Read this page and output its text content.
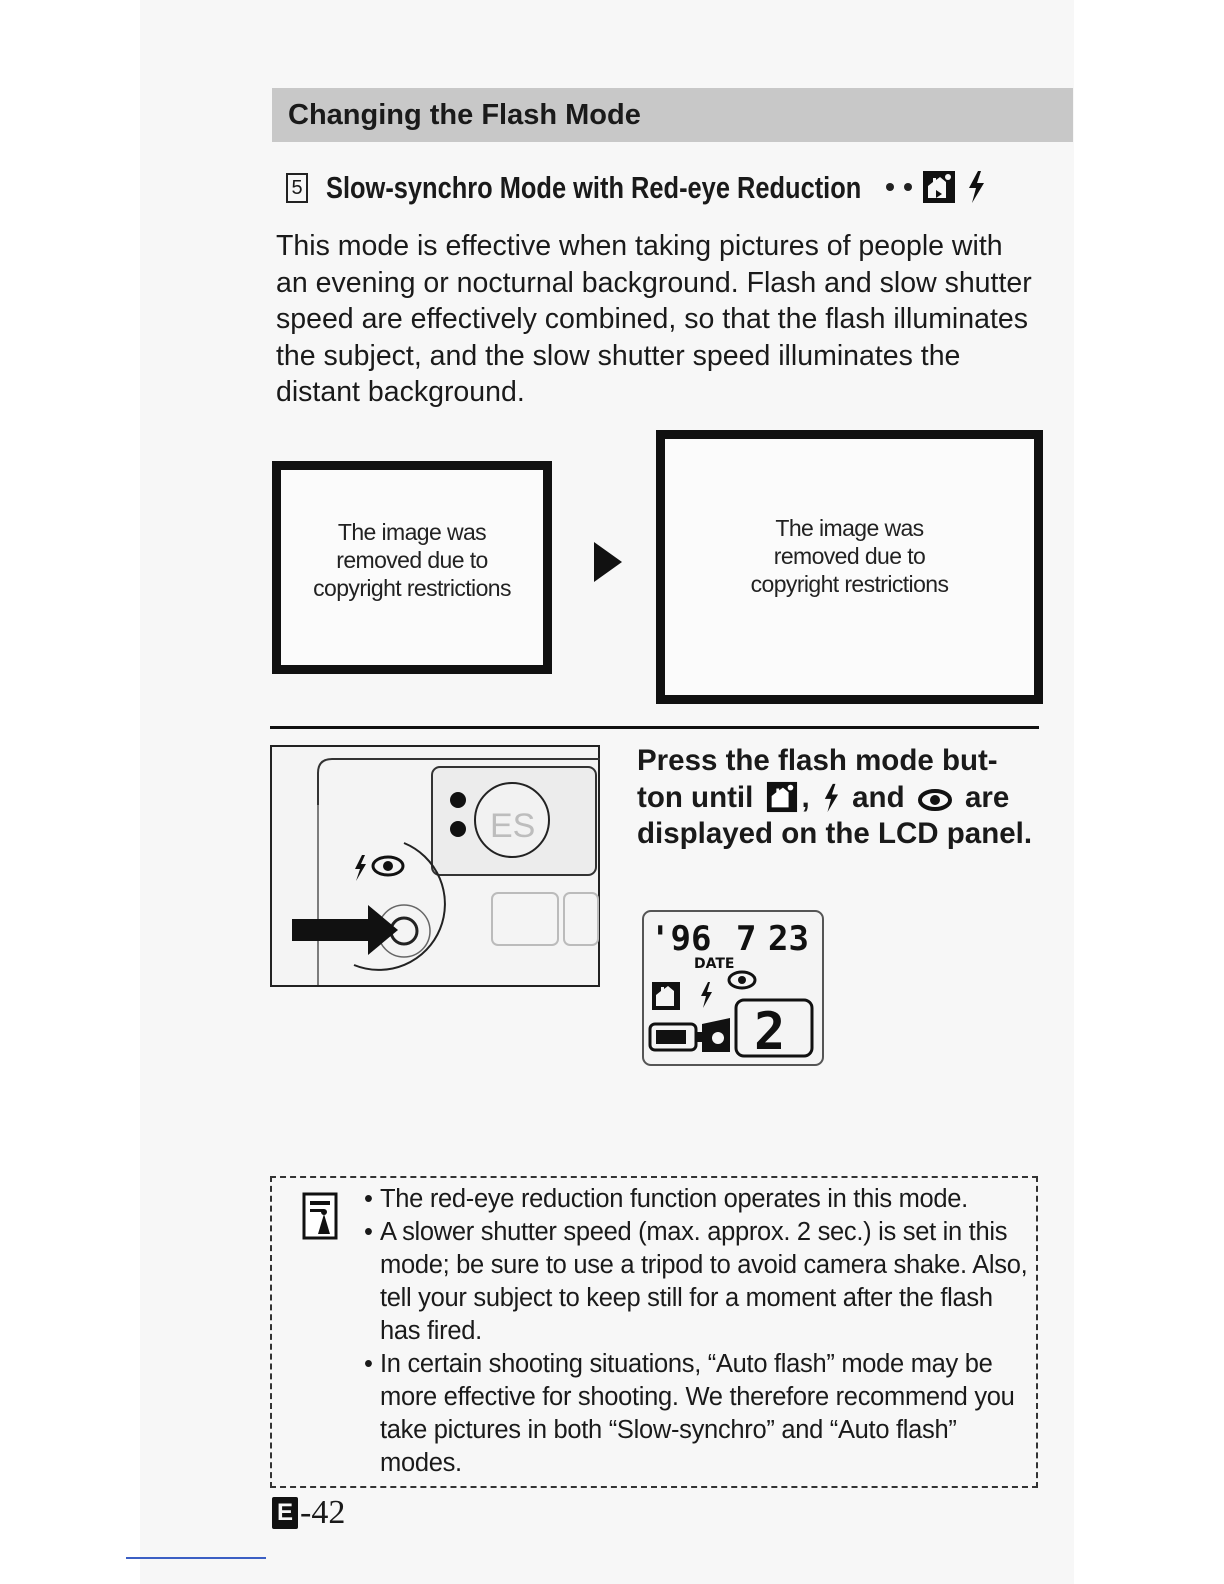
Changing the Flash Mode
5 Slow-synchro Mode with Red-eye Reduction

This mode is effective when taking pictures of people with an evening or nocturnal background. Flash and slow shutter speed are effectively combined, so that the flash illuminates the subject, and the slow shutter speed illuminates the distant background.

The image was

removed due to

copyright restrictions

The image was

removed due to

copyright restrictions

ES

Press the flash mode but-ton until , and are displayed on the LCD panel.

'96 7 23
DATE
2
• The red-eye reduction function operates in this mode.
• A slower shutter speed (max. approx. 2 sec.) is set in this mode; be sure to use a tripod to avoid camera shake. Also, tell your subject to keep still for a moment after the flash has fired.
• In certain shooting situations, “Auto flash” mode may be more effective for shooting. We therefore recommend you take pictures in both “Slow-synchro” and “Auto flash” modes.
E -42
